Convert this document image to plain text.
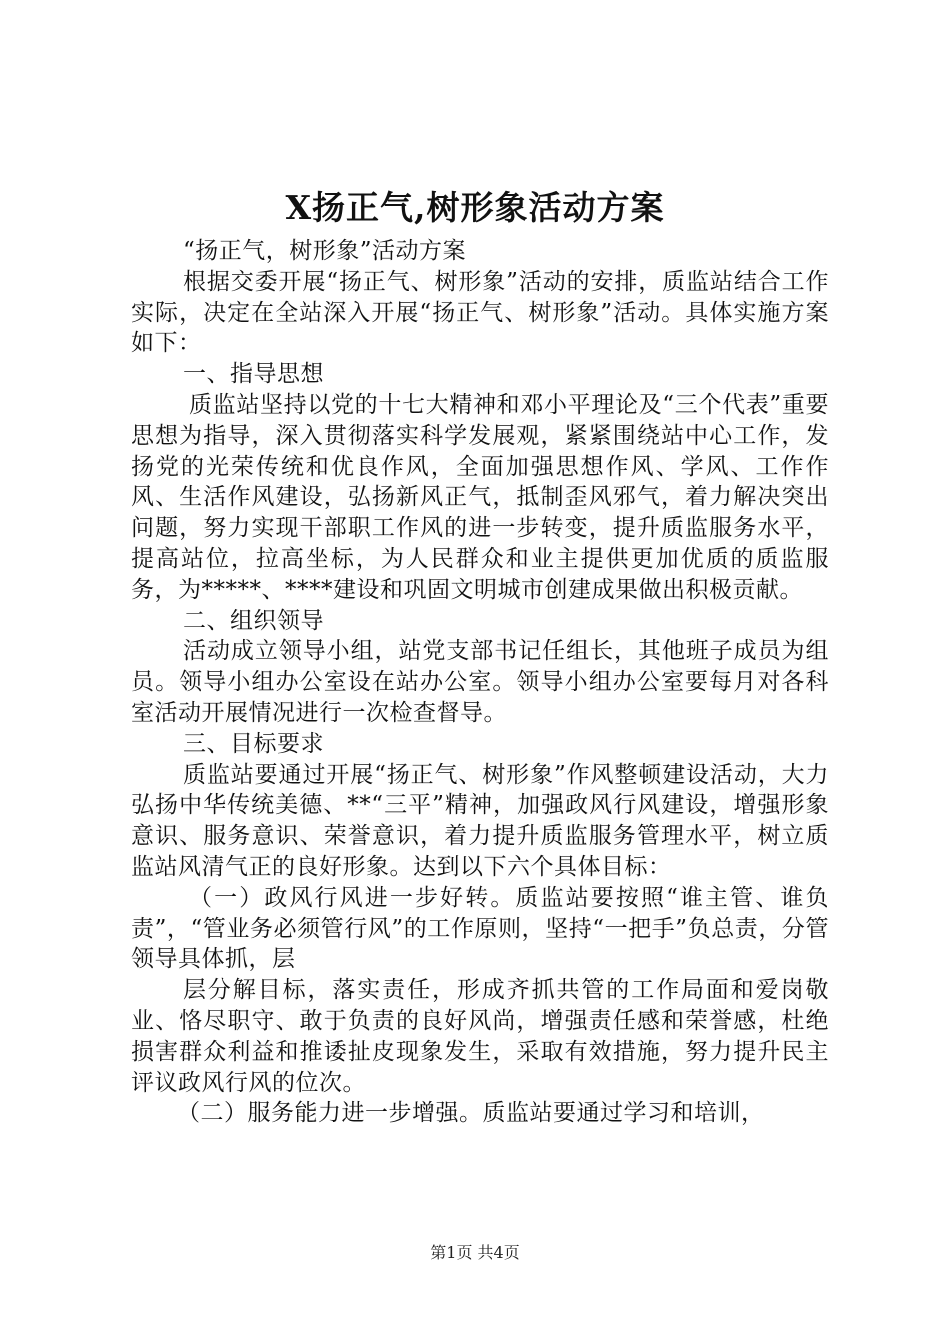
X扬正气,树形象活动方案

“扬正气，树形象”活动方案

根据交委开展“扬正气、树形象”活动的安排，质监站结合工作实际，决定在全站深入开展“扬正气、树形象”活动。具体实施方案如下：

一、指导思想

质监站坚持以党的十七大精神和邓小平理论及“三个代表”重要思想为指导，深入贯彻落实科学发展观，紧紧围绕站中心工作，发扬党的光荣传统和优良作风，全面加强思想作风、学风、工作作风、生活作风建设，弘扬新风正气，抵制歪风邪气，着力解决突出问题，努力实现干部职工作风的进一步转变，提升质监服务水平，提高站位，拉高坐标，为人民群众和业主提供更加优质的质监服务，为*****、****建设和巩固文明城市创建成果做出积极贡献。

二、组织领导

活动成立领导小组，站党支部书记任组长，其他班子成员为组员。领导小组办公室设在站办公室。领导小组办公室要每月对各科室活动开展情况进行一次检查督导。

三、目标要求

质监站要通过开展“扬正气、树形象”作风整顿建设活动，大力弘扬中华传统美德、**“三平”精神，加强政风行风建设，增强形象意识、服务意识、荣誉意识，着力提升质监服务管理水平，树立质监站风清气正的良好形象。达到以下六个具体目标：

（一）政风行风进一步好转。质监站要按照“谁主管、谁负责”，“管业务必须管行风”的工作原则，坚持“一把手”负总责，分管领导具体抓，层

层分解目标，落实责任，形成齐抓共管的工作局面和爱岗敬业、恪尽职守、敢于负责的良好风尚，增强责任感和荣誉感，杜绝损害群众利益和推诿扯皮现象发生，采取有效措施，努力提升民主评议政风行风的位次。

（二）服务能力进一步增强。质监站要通过学习和培训，

第1页 共4页
